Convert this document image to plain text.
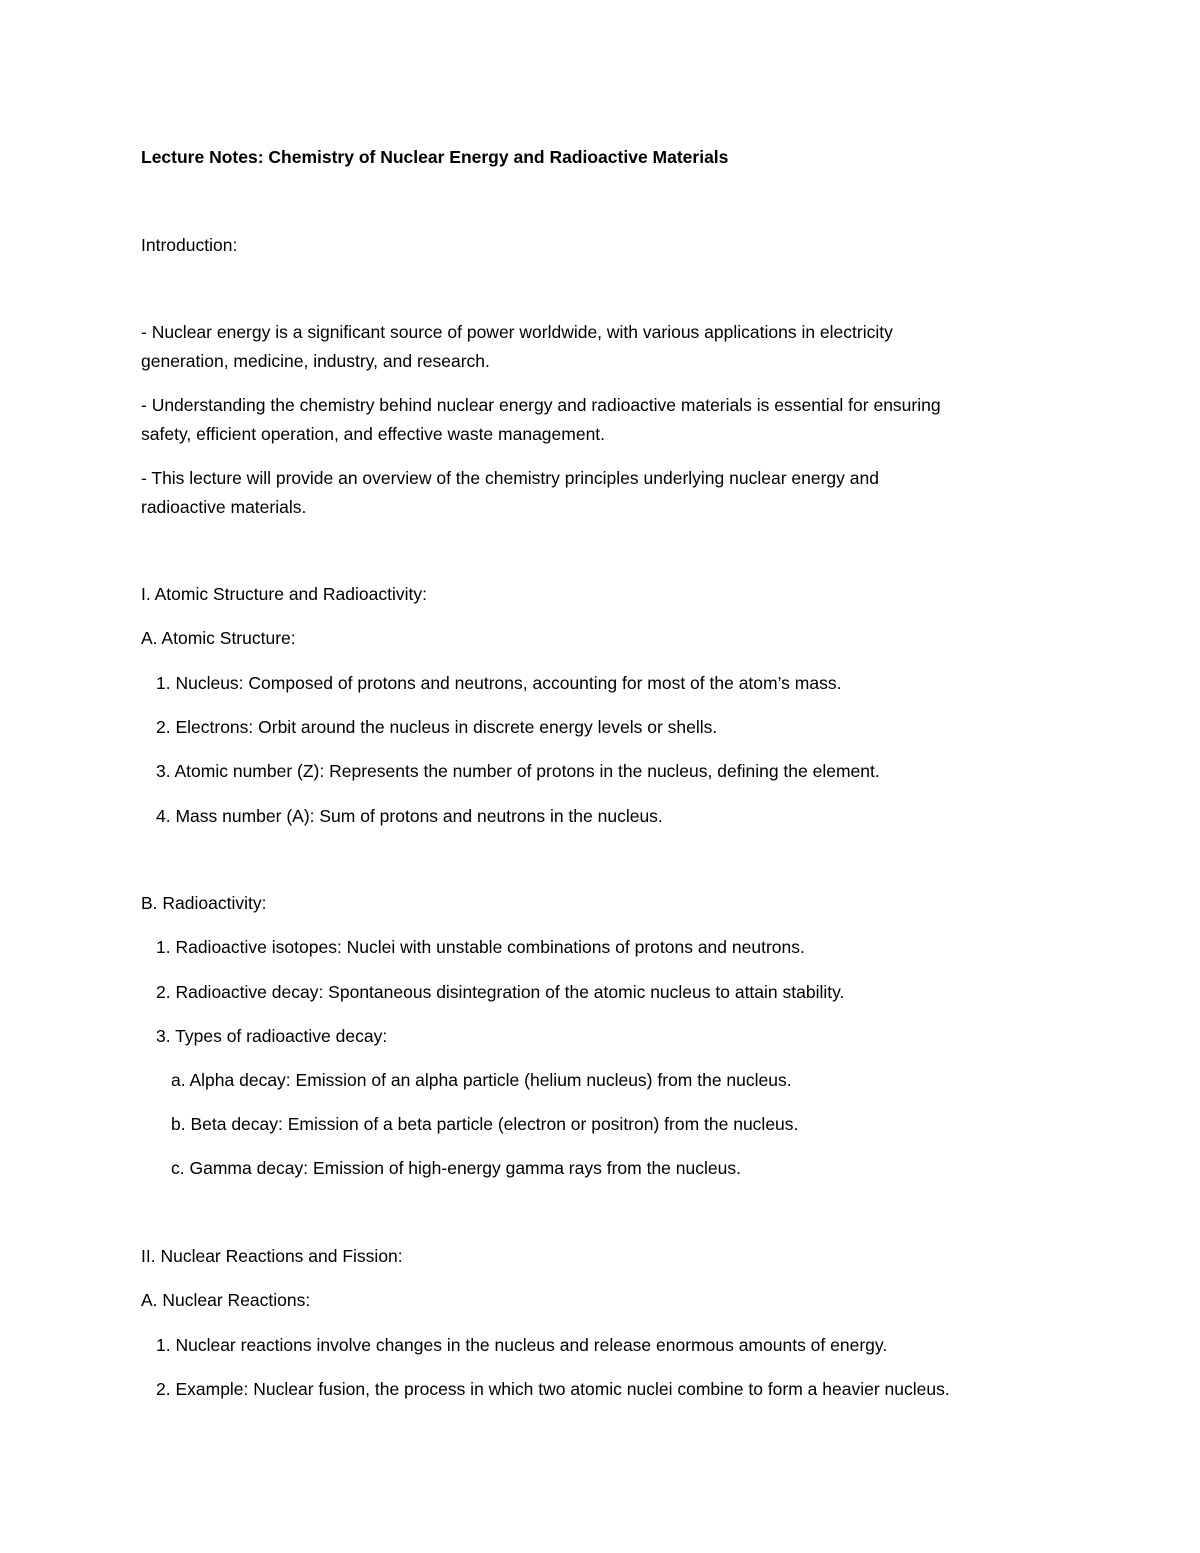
Lecture Notes: Chemistry of Nuclear Energy and Radioactive Materials
Introduction:
- Nuclear energy is a significant source of power worldwide, with various applications in electricity
generation, medicine, industry, and research.
- Understanding the chemistry behind nuclear energy and radioactive materials is essential for ensuring
safety, efficient operation, and effective waste management.
- This lecture will provide an overview of the chemistry principles underlying nuclear energy and
radioactive materials.
I. Atomic Structure and Radioactivity:
A. Atomic Structure:
1. Nucleus: Composed of protons and neutrons, accounting for most of the atom’s mass.
2. Electrons: Orbit around the nucleus in discrete energy levels or shells.
3. Atomic number (Z): Represents the number of protons in the nucleus, defining the element.
4. Mass number (A): Sum of protons and neutrons in the nucleus.
B. Radioactivity:
1. Radioactive isotopes: Nuclei with unstable combinations of protons and neutrons.
2. Radioactive decay: Spontaneous disintegration of the atomic nucleus to attain stability.
3. Types of radioactive decay:
a. Alpha decay: Emission of an alpha particle (helium nucleus) from the nucleus.
b. Beta decay: Emission of a beta particle (electron or positron) from the nucleus.
c. Gamma decay: Emission of high-energy gamma rays from the nucleus.
II. Nuclear Reactions and Fission:
A. Nuclear Reactions:
1. Nuclear reactions involve changes in the nucleus and release enormous amounts of energy.
2. Example: Nuclear fusion, the process in which two atomic nuclei combine to form a heavier nucleus.
